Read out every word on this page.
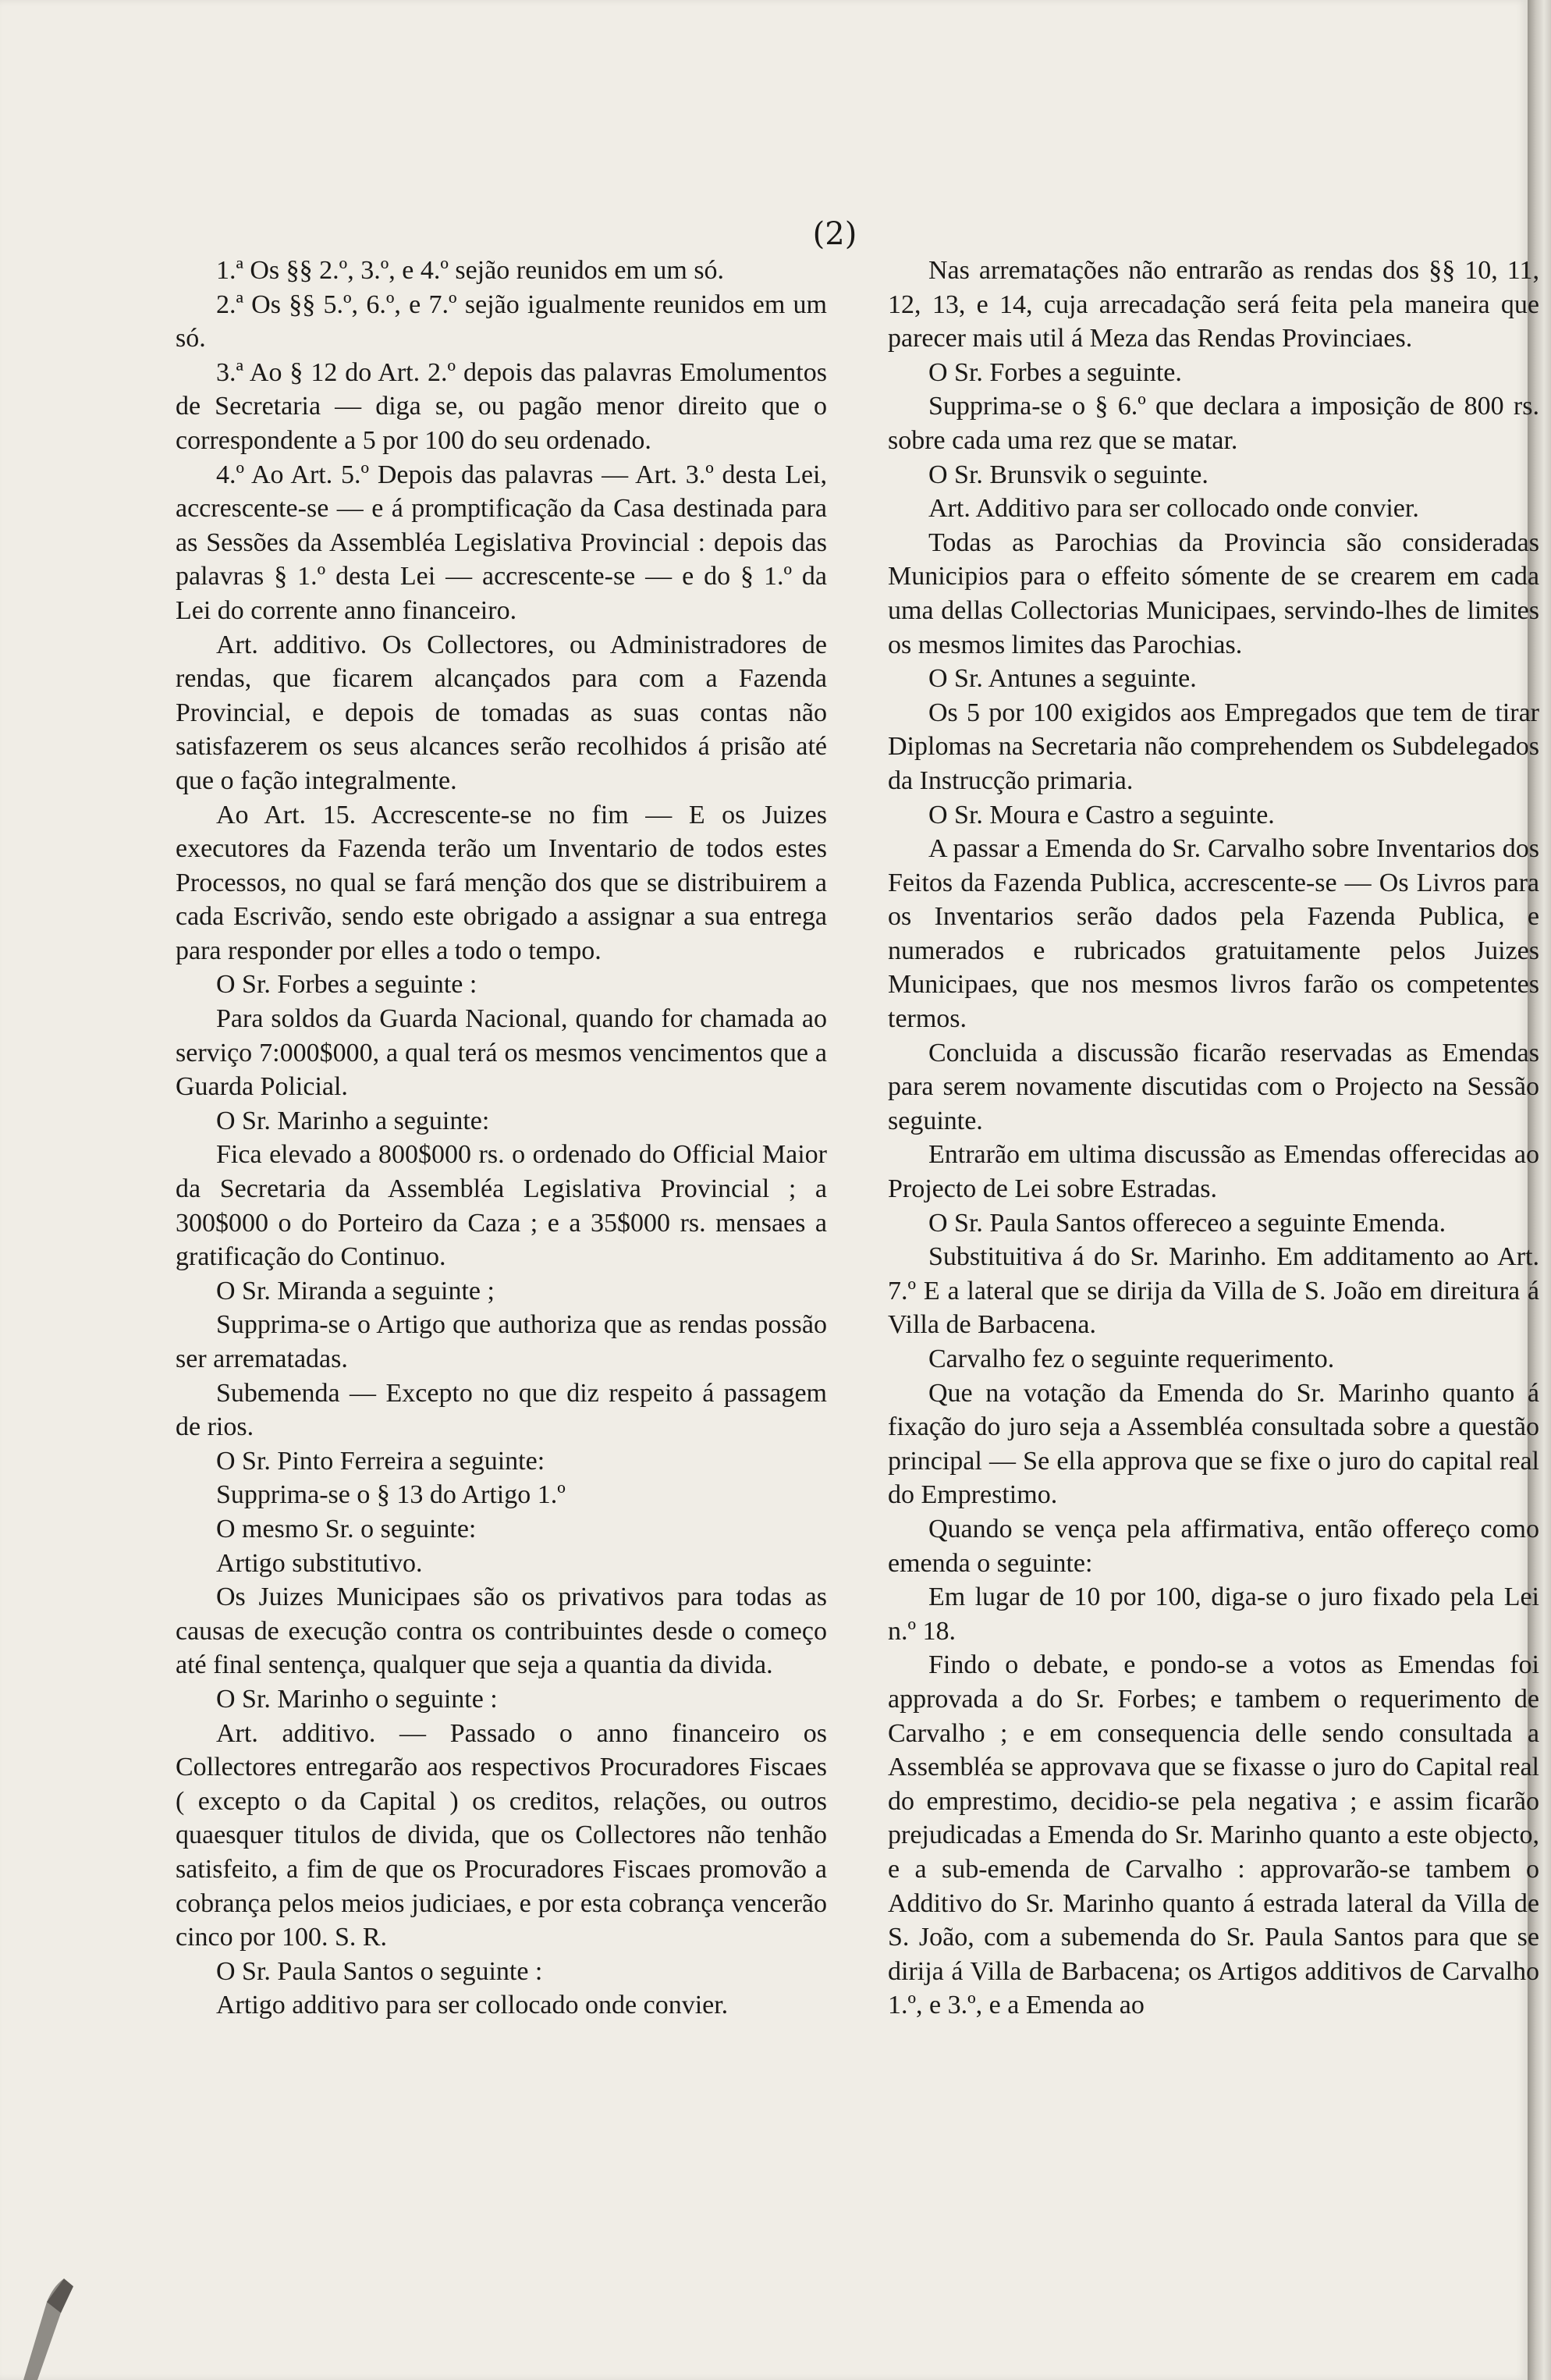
(2)

1.ª Os §§ 2.º, 3.º, e 4.º sejão reunidos em um só.

2.ª Os §§ 5.º, 6.º, e 7.º sejão igualmente reunidos em um só.

3.ª Ao § 12 do Art. 2.º depois das palavras Emolumentos de Secretaria — diga se, ou pagão menor direito que o correspondente a 5 por 100 do seu ordenado.

4.º Ao Art. 5.º Depois das palavras — Art. 3.º desta Lei, accrescente-se — e á promptificação da Casa destinada para as Sessões da Assembléa Legislativa Provincial : depois das palavras § 1.º desta Lei — accrescente-se — e do § 1.º da Lei do corrente anno financeiro.

Art. additivo. Os Collectores, ou Administradores de rendas, que ficarem alcançados para com a Fazenda Provincial, e depois de tomadas as suas contas não satisfazerem os seus alcances serão recolhidos á prisão até que o fação integralmente.

Ao Art. 15. Accrescente-se no fim — E os Juizes executores da Fazenda terão um Inventario de todos estes Processos, no qual se fará menção dos que se distribuirem a cada Escrivão, sendo este obrigado a assignar a sua entrega para responder por elles a todo o tempo.

O Sr. Forbes a seguinte :

Para soldos da Guarda Nacional, quando for chamada ao serviço 7:000$000, a qual terá os mesmos vencimentos que a Guarda Policial.

O Sr. Marinho a seguinte:

Fica elevado a 800$000 rs. o ordenado do Official Maior da Secretaria da Assembléa Legislativa Provincial ; a 300$000 o do Porteiro da Caza ; e a 35$000 rs. mensaes a gratificação do Continuo.

O Sr. Miranda a seguinte ;

Supprima-se o Artigo que authoriza que as rendas possão ser arrematadas.

Subemenda — Excepto no que diz respeito á passagem de rios.

O Sr. Pinto Ferreira a seguinte:

Supprima-se o § 13 do Artigo 1.º

O mesmo Sr. o seguinte:

Artigo substitutivo.

Os Juizes Municipaes são os privativos para todas as causas de execução contra os contribuintes desde o começo até final sentença, qualquer que seja a quantia da divida.

O Sr. Marinho o seguinte :

Art. additivo. — Passado o anno financeiro os Collectores entregarão aos respectivos Procuradores Fiscaes ( excepto o da Capital ) os creditos, relações, ou outros quaesquer titulos de divida, que os Collectores não tenhão satisfeito, a fim de que os Procuradores Fiscaes promovão a cobrança pelos meios judiciaes, e por esta cobrança vencerão cinco por 100. S. R.

O Sr. Paula Santos o seguinte :

Artigo additivo para ser collocado onde convier.

Nas arrematações não entrarão as rendas dos §§ 10, 11, 12, 13, e 14, cuja arrecadação será feita pela maneira que parecer mais util á Meza das Rendas Provinciaes.

O Sr. Forbes a seguinte.

Supprima-se o § 6.º que declara a imposição de 800 rs. sobre cada uma rez que se matar.

O Sr. Brunsvik o seguinte.

Art. Additivo para ser collocado onde convier.

Todas as Parochias da Provincia são consideradas Municipios para o effeito sómente de se crearem em cada uma dellas Collectorias Municipaes, servindo-lhes de limites os mesmos limites das Parochias.

O Sr. Antunes a seguinte.

Os 5 por 100 exigidos aos Empregados que tem de tirar Diplomas na Secretaria não comprehendem os Subdelegados da Instrucção primaria.

O Sr. Moura e Castro a seguinte.

A passar a Emenda do Sr. Carvalho sobre Inventarios dos Feitos da Fazenda Publica, accrescente-se — Os Livros para os Inventarios serão dados pela Fazenda Publica, e numerados e rubricados gratuitamente pelos Juizes Municipaes, que nos mesmos livros farão os competentes termos.

Concluida a discussão ficarão reservadas as Emendas para serem novamente discutidas com o Projecto na Sessão seguinte.

Entrarão em ultima discussão as Emendas offerecidas ao Projecto de Lei sobre Estradas.

O Sr. Paula Santos offereceo a seguinte Emenda.

Substituitiva á do Sr. Marinho. Em additamento ao Art. 7.º E a lateral que se dirija da Villa de S. João em direitura á Villa de Barbacena.

Carvalho fez o seguinte requerimento.

Que na votação da Emenda do Sr. Marinho quanto á fixação do juro seja a Assembléa consultada sobre a questão principal — Se ella approva que se fixe o juro do capital real do Emprestimo.

Quando se vença pela affirmativa, então offereço como emenda o seguinte:

Em lugar de 10 por 100, diga-se o juro fixado pela Lei n.º 18.

Findo o debate, e pondo-se a votos as Emendas foi approvada a do Sr. Forbes; e tambem o requerimento de Carvalho ; e em consequencia delle sendo consultada a Assembléa se approvava que se fixasse o juro do Capital real do emprestimo, decidio-se pela negativa ; e assim ficarão prejudicadas a Emenda do Sr. Marinho quanto a este objecto, e a sub-emenda de Carvalho : approvarão-se tambem o Additivo do Sr. Marinho quanto á estrada lateral da Villa de S. João, com a subemenda do Sr. Paula Santos para que se dirija á Villa de Barbacena; os Artigos additivos de Carvalho 1.º, e 3.º, e a Emenda ao
